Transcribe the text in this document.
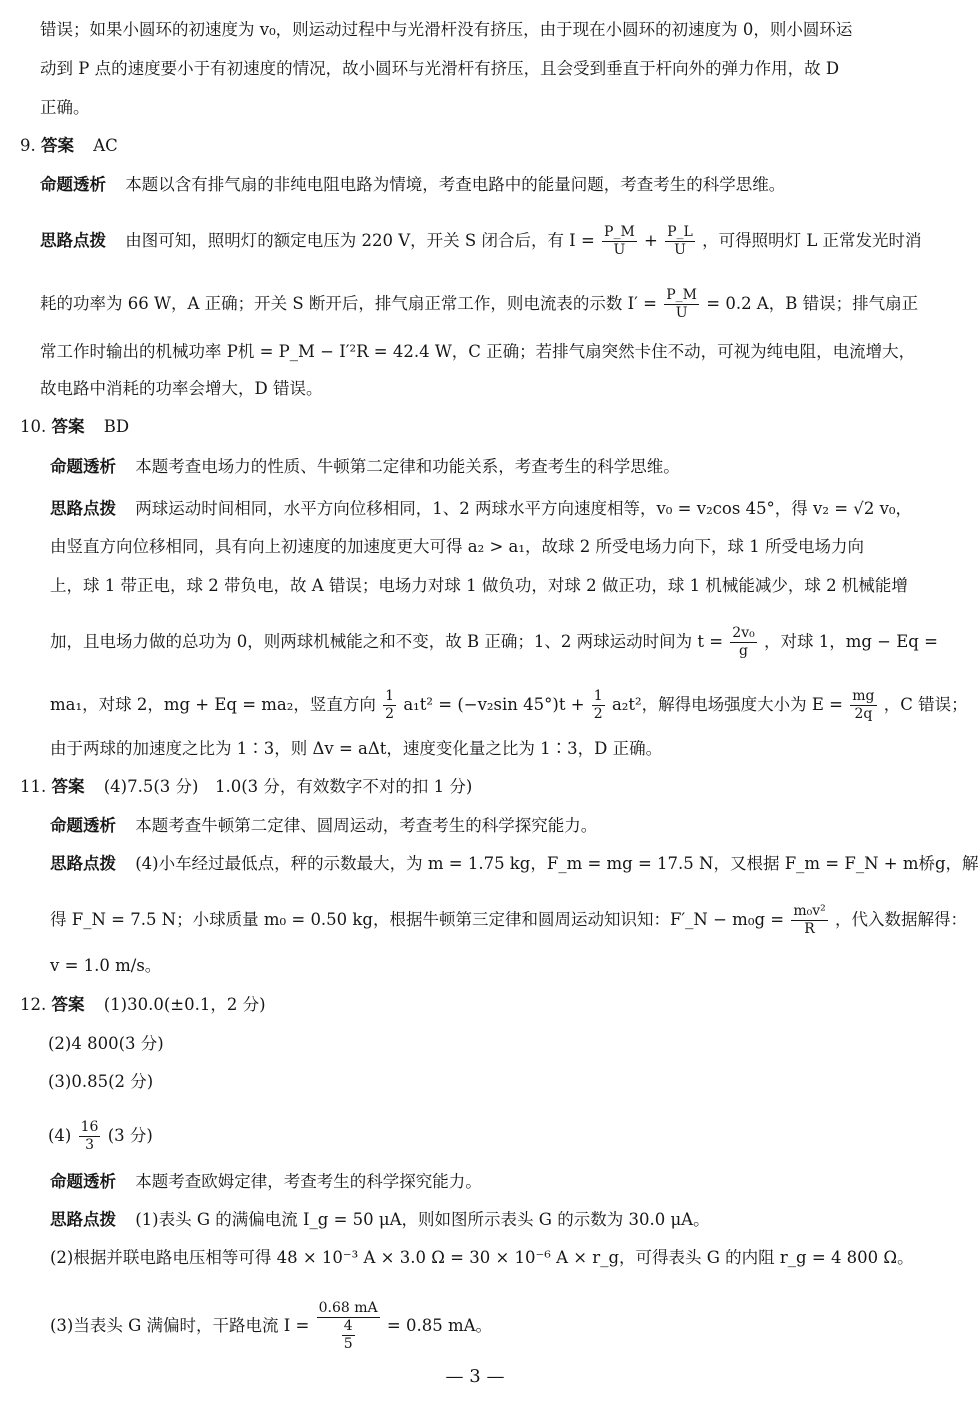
错误；如果小圆环的初速度为 v₀，则运动过程中与光滑杆没有挤压，由于现在小圆环的初速度为 0，则小圆环运
动到 P 点的速度要小于有初速度的情况，故小圆环与光滑杆有挤压，且会受到垂直于杆向外的弹力作用，故 D
正确。
9. 答案 AC
命题透析 本题以含有排气扇的非纯电阻电路为情境，考查电路中的能量问题，考查考生的科学思维。
思路点拨 由图可知，照明灯的额定电压为 220 V，开关 S 闭合后，有 $I = \frac{P\_M}{U} + \frac{P\_L}{U}$ ，可得照明灯 L 正常发光时消
耗的功率为 66 W，A 正确；开关 S 断开后，排气扇正常工作，则电流表的示数 $I' = \frac{P\_M}{U} = 0.2$ A，B 错误；排气扇正
常工作时输出的机械功率 P机 = P_M − I′²R = 42.4 W，C 正确；若排气扇突然卡住不动，可视为纯电阻，电流增大，
故电路中消耗的功率会增大，D 错误。
10. 答案 BD
命题透析 本题考查电场力的性质、牛顿第二定律和功能关系，考查考生的科学思维。
思路点拨 两球运动时间相同，水平方向位移相同，1、2 两球水平方向速度相等，v₀ = v₂cos 45°，得 v₂ = √2 v₀，
由竖直方向位移相同，具有向上初速度的加速度更大可得 a₂ > a₁，故球 2 所受电场力向下，球 1 所受电场力向
上，球 1 带正电，球 2 带负电，故 A 错误；电场力对球 1 做负功，对球 2 做正功，球 1 机械能减少，球 2 机械能增
加，且电场力做的总功为 0，则两球机械能之和不变，故 B 正确；1、2 两球运动时间为 $t = \frac{\text{2v₀}}{g}$ ，对球 1，mg − Eq =
ma₁，对球 2，mg + Eq = ma₂，竖直方向 $\frac{1}{2} a_1t^2 = (-v_2\sin$ $45^\circ)t + \frac{1}{2} a_2t^2$，解得电场强度大小为 $E = \frac{mg}{2q}$ ，C 错误；
由于两球的加速度之比为 1∶3，则 Δv = aΔt，速度变化量之比为 1∶3，D 正确。
11. 答案 (4)7.5(3 分)　1.0(3 分，有效数字不对的扣 1 分)
命题透析 本题考查牛顿第二定律、圆周运动，考查考生的科学探究能力。
思路点拨 (4)小车经过最低点，秤的示数最大，为 m = 1.75 kg，F_m = mg = 17.5 N，又根据 F_m = F_N + m桥g，解
得 F_N = 7.5 N；小球质量 m₀ = 0.50 kg，根据牛顿第三定律和圆周运动知识知：F′_N − $m_0g = \frac{\text{m₀v²}}{R}$ ，代入数据解得：
v = 1.0 m/s。
12. 答案 (1)30.0(±0.1，2 分)
(2)4 800(3 分)
(3)0.85(2 分)
$(4) \frac{16}{3} (3$ 分)
命题透析 本题考查欧姆定律，考查考生的科学探究能力。
思路点拨 (1)表头 G 的满偏电流 I_g = 50 μA，则如图所示表头 G 的示数为 30.0 μA。
(2)根据并联电路电压相等可得 48 × 10⁻³ A × 3.0 Ω = 30 × 10⁻⁶ A × r_g，可得表头 G 的内阻 r_g = 4 800 Ω。
(3)当表头 G 满偏时，干路电流 $I = \frac{0.68 mA}{\frac{4}{5}} = 0.85$ mA。
— 3 —
